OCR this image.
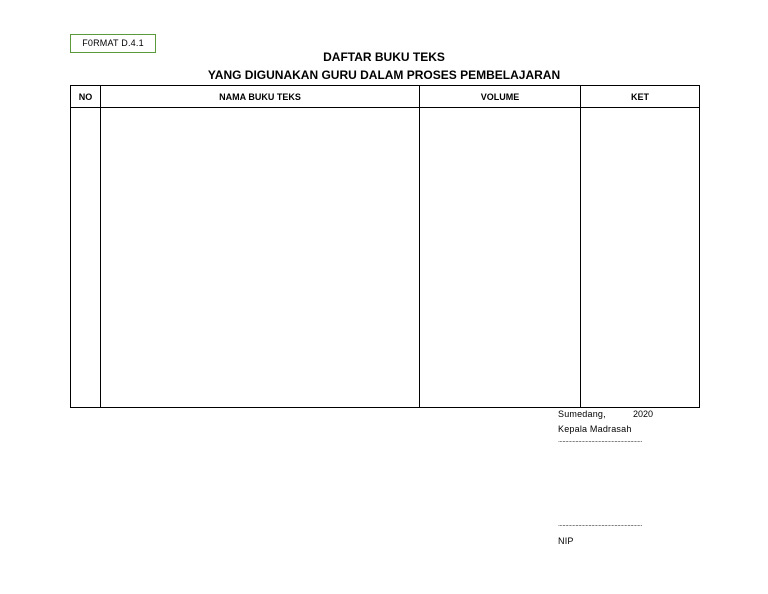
F0RMAT D.4.1
DAFTAR BUKU TEKS
YANG DIGUNAKAN GURU DALAM PROSES PEMBELAJARAN
NO	NAMA BUKU TEKS	VOLUME	KET

Sumedang,	2020
Kepala Madrasah
..........................................................
..........................................................
NIP
